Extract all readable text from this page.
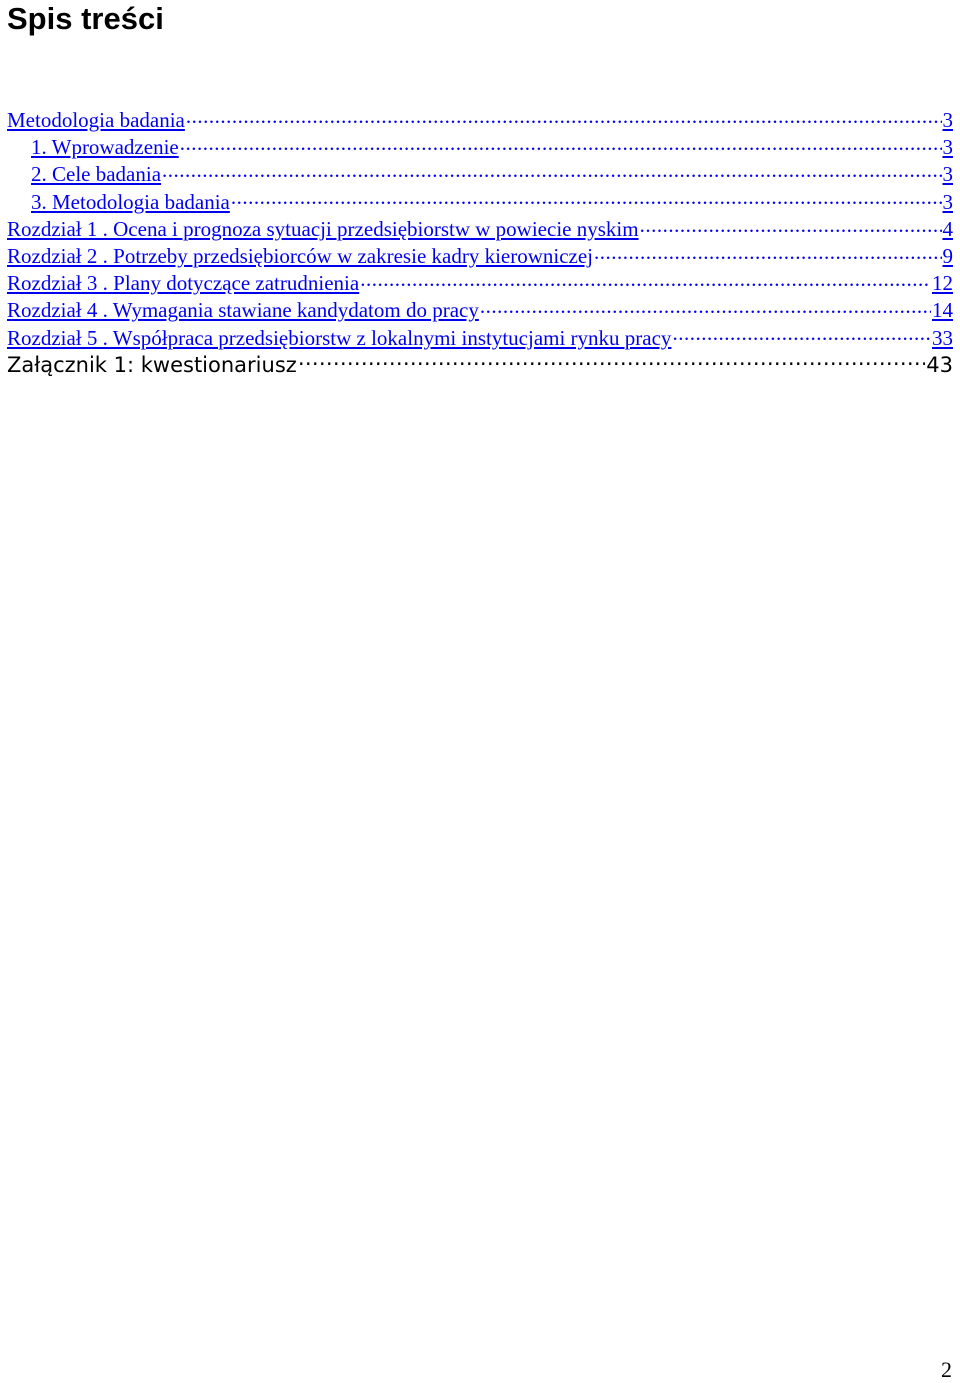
Spis treści
Metodologia badania .....	3
1. Wprowadzenie .....	3
2. Cele badania .....	3
3. Metodologia badania .....	3
Rozdział 1 . Ocena i prognoza sytuacji przedsiębiorstw w powiecie nyskim .....	4
Rozdział 2 . Potrzeby przedsiębiorców w zakresie kadry kierowniczej .....	9
Rozdział 3 . Plany dotyczące zatrudnienia .....	12
Rozdział 4 . Wymagania stawiane kandydatom do pracy .....	14
Rozdział 5 . Współpraca przedsiębiorstw z lokalnymi instytucjami rynku pracy .....	33
Załącznik 1: kwestionariusz ……………………………………………………………………………………………………………………………………………………………	43
2
